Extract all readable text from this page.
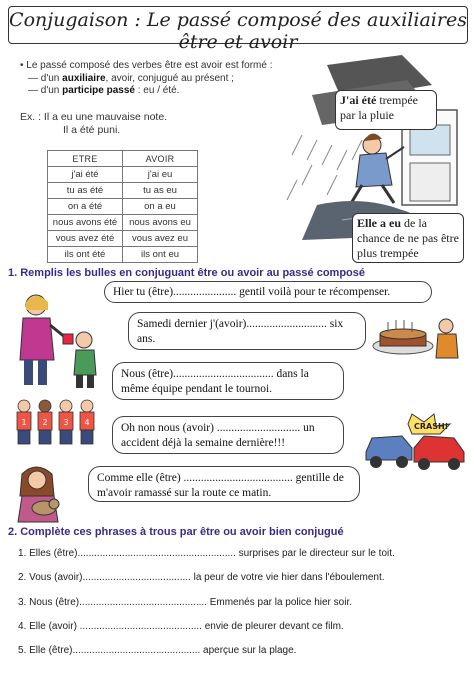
Conjugaison : Le passé composé des auxiliaires être et avoir
• Le passé composé des verbes être est avoir est formé :
— d'un auxiliaire, avoir, conjugué au présent ;
— d'un participe passé : eu / été.
Ex. : Il a eu une mauvaise note.
Il a été puni.
ETRE	AVOIR
j'ai été	j'ai eu
tu as été	tu as eu
on a été	on a eu
nous avons été	nous avons eu
vous avez été	vous avez eu
ils ont été	ils ont eu
J'ai été trempée par la pluie
Elle a eu de la chance de ne pas être plus trempée
1. Remplis les bulles en conjuguant être ou avoir au passé composé
1 2 3 4	CRASH!
Hier tu (être)...................... gentil voilà pour te récompenser.
Samedi dernier j'(avoir)............................ six ans.
Nous (être)................................... dans la même équipe pendant le tournoi.
Oh non nous (avoir) ............................. un accident déjà la semaine dernière!!!
Comme elle (être) ...................................... gentille de m'avoir ramassé sur la route ce matin.
2. Complète ces phrases à trous par être ou avoir bien conjugué
1. Elles (être)......................................................... surprises par le directeur sur le toit.
2. Vous (avoir)....................................... la peur de votre vie hier dans l'éboulement.
3. Nous (être).............................................. Emmenés par la police hier soir.
4. Elle (avoir) ............................................ envie de pleurer devant ce film.
5. Elle (être).............................................. aperçue sur la plage.
